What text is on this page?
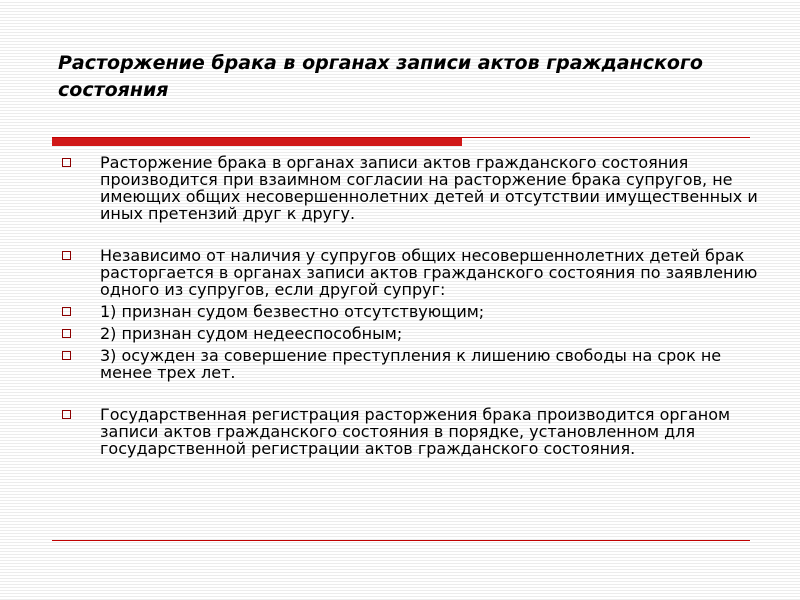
Расторжение брака в органах записи актов гражданского состояния
Расторжение брака в органах записи актов гражданского состояния производится при взаимном согласии на расторжение брака супругов, не имеющих общих несовершеннолетних детей и отсутствии имущественных и иных претензий друг к другу.
Независимо от наличия у супругов общих несовершеннолетних детей брак расторгается в органах записи актов гражданского состояния по заявлению одного из супругов, если другой супруг:
1) признан судом безвестно отсутствующим;
2) признан судом недееспособным;
3) осужден за совершение преступления к лишению свободы на срок не менее трех лет.
Государственная регистрация расторжения брака производится органом записи актов гражданского состояния в порядке, установленном для государственной регистрации актов гражданского состояния.
